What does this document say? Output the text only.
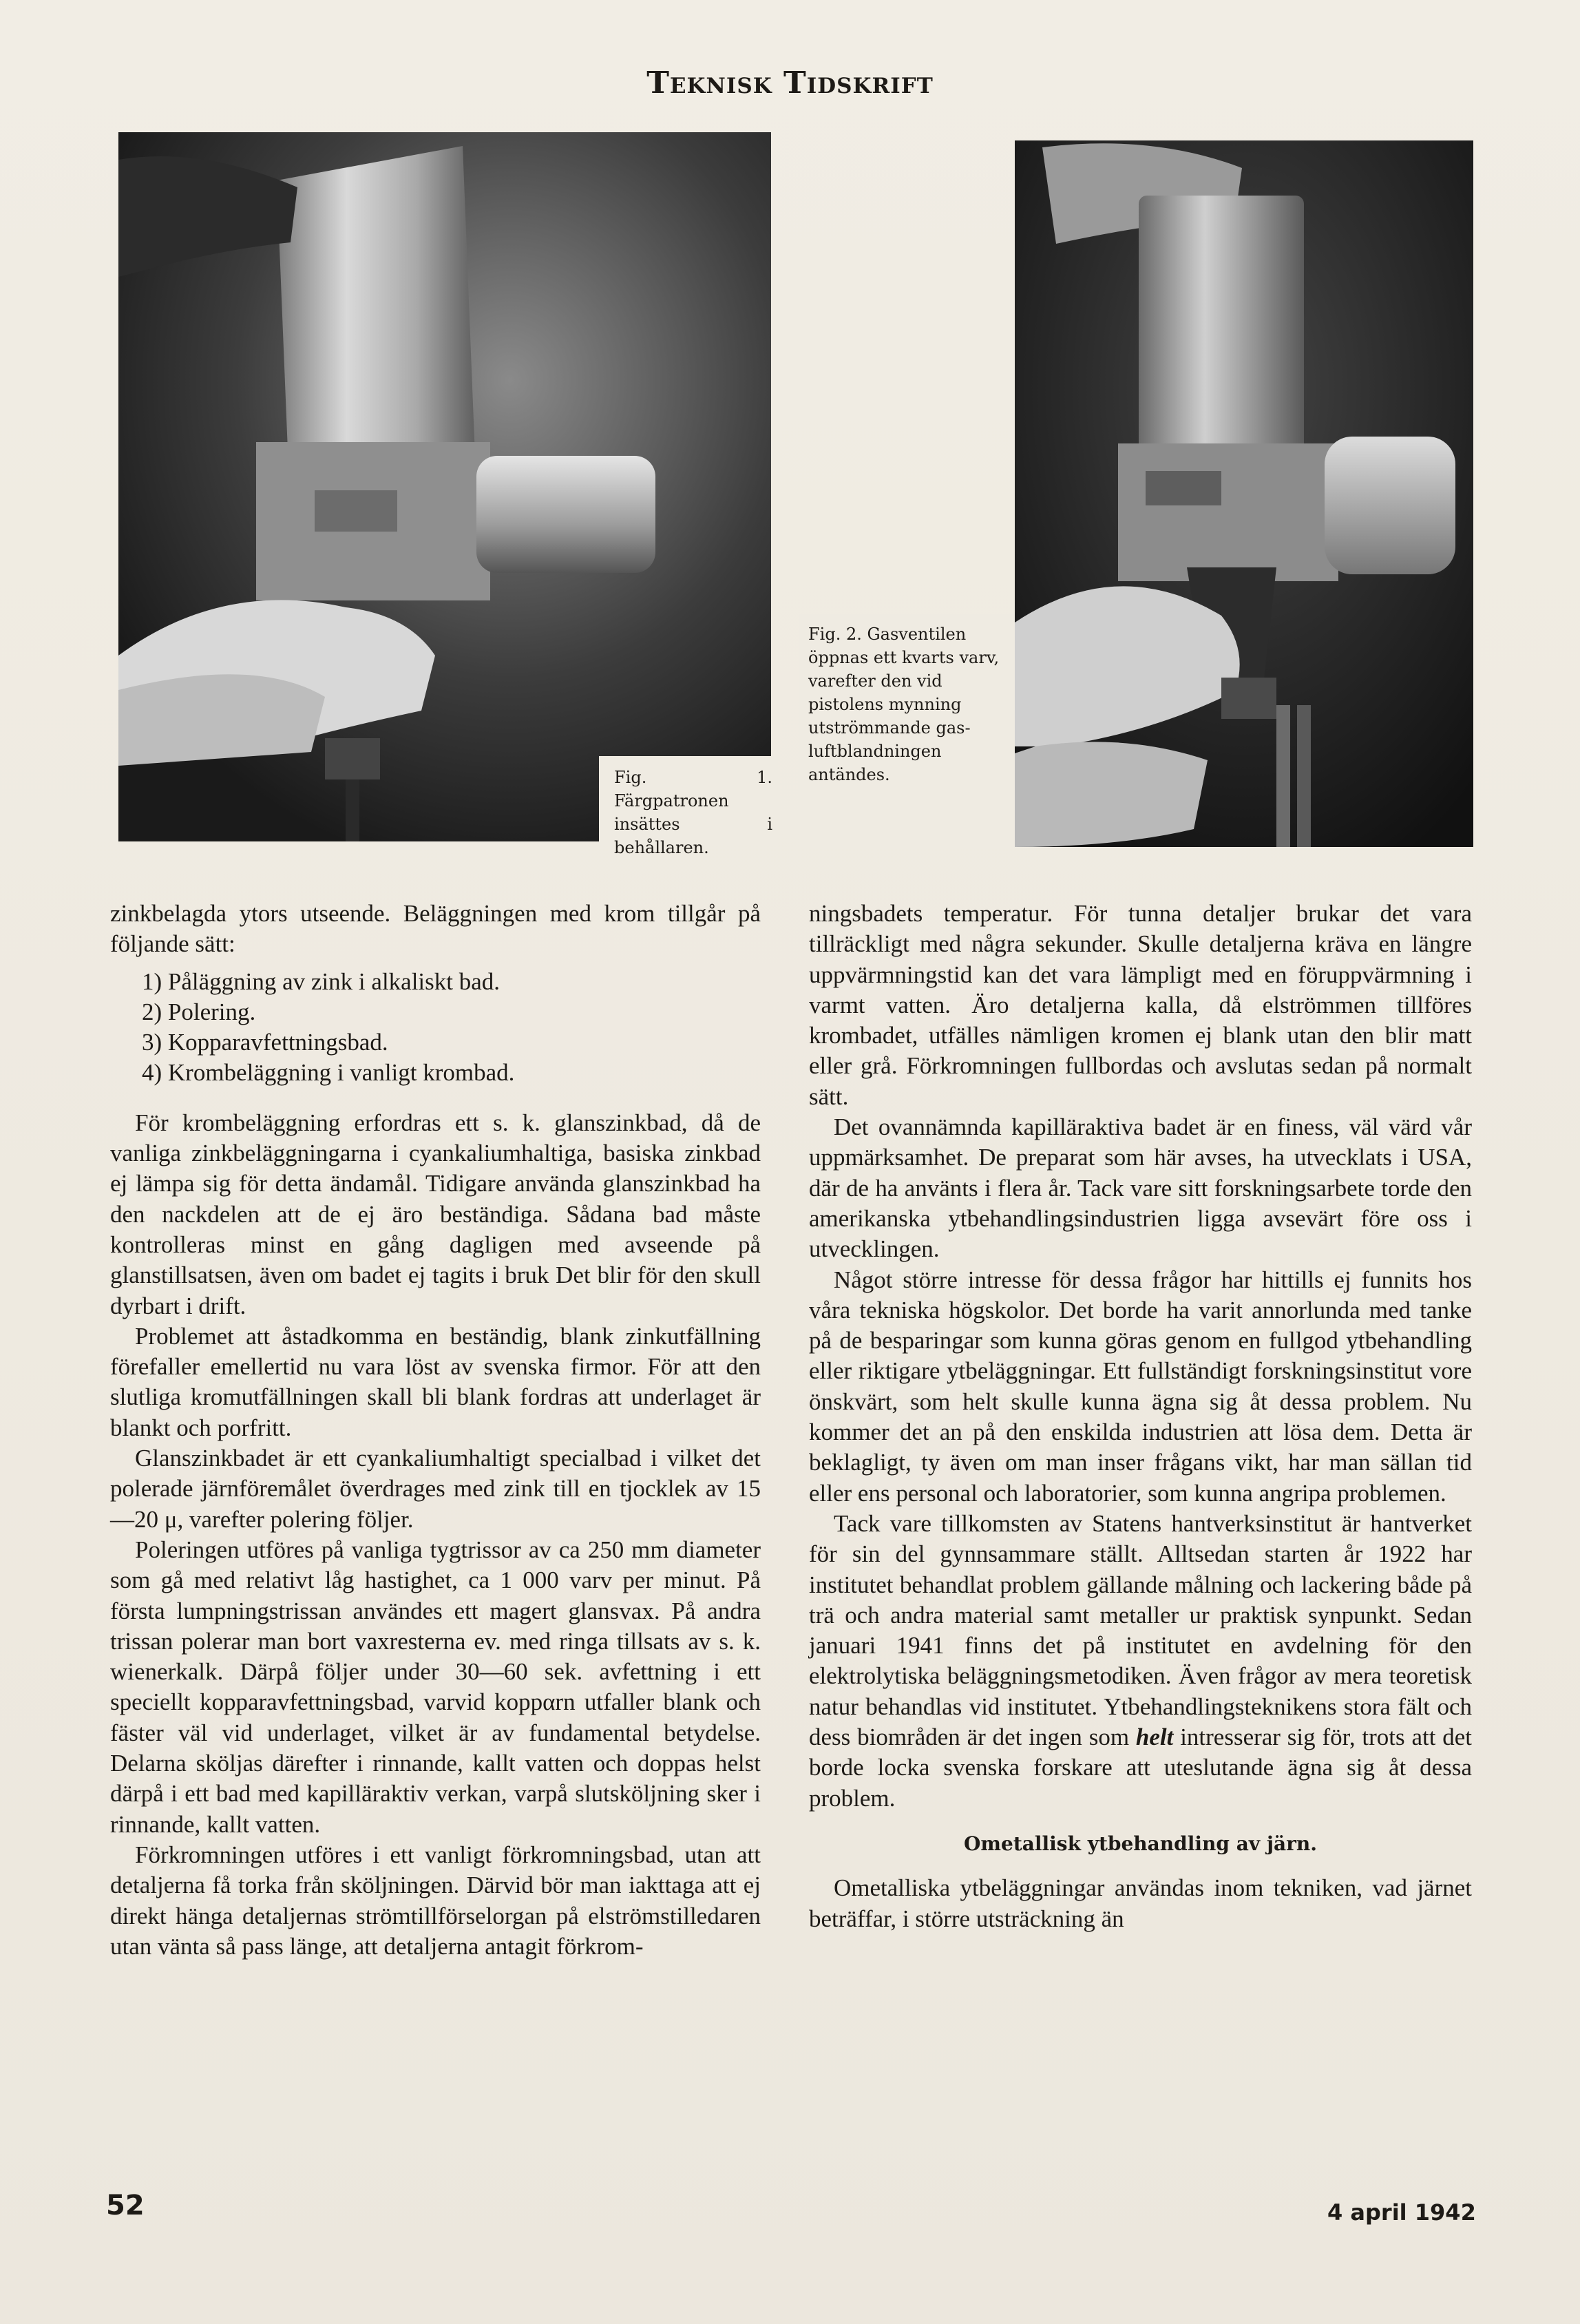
Teknisk Tidskrift
Fig. 1. Färgpatronen insättes i behållaren.
Fig. 2. Gasventilen öppnas ett kvarts varv, varefter den vid pistolens mynning utströmmande gas-luftblandningen antändes.

zinkbelagda ytors utseende. Beläggningen med krom tillgår på följande sätt:

1) Påläggning av zink i alkaliskt bad.
2) Polering.
3) Kopparavfettningsbad.
4) Krombeläggning i vanligt krombad.

För krombeläggning erfordras ett s. k. glanszinkbad, då de vanliga zinkbeläggningarna i cyankaliumhaltiga, basiska zinkbad ej lämpa sig för detta ändamål. Tidigare använda glanszinkbad ha den nackdelen att de ej äro beständiga. Sådana bad måste kontrolleras minst en gång dagligen med avseende på glanstillsatsen, även om badet ej tagits i bruk Det blir för den skull dyrbart i drift.

Problemet att åstadkomma en beständig, blank zinkutfällning förefaller emellertid nu vara löst av svenska firmor. För att den slutliga kromutfällningen skall bli blank fordras att underlaget är blankt och porfritt.

Glanszinkbadet är ett cyankaliumhaltigt specialbad i vilket det polerade järnföremålet överdrages med zink till en tjocklek av 15—20 μ, varefter polering följer.

Poleringen utföres på vanliga tygtrissor av ca 250 mm diameter som gå med relativt låg hastighet, ca 1 000 varv per minut. På första lumpningstrissan användes ett magert glansvax. På andra trissan polerar man bort vaxresterna ev. med ringa tillsats av s. k. wienerkalk. Därpå följer under 30—60 sek. avfettning i ett speciellt kopparavfettningsbad, varvid koppαrn utfaller blank och fäster väl vid underlaget, vilket är av fundamental betydelse. Delarna sköljas därefter i rinnande, kallt vatten och doppas helst därpå i ett bad med kapilläraktiv verkan, varpå slutsköljning sker i rinnande, kallt vatten.

Förkromningen utföres i ett vanligt förkromningsbad, utan att detaljerna få torka från sköljningen. Därvid bör man iakttaga att ej direkt hänga detaljernas strömtillförselorgan på elströmstilledaren utan vänta så pass länge, att detaljerna antagit förkrom-

ningsbadets temperatur. För tunna detaljer brukar det vara tillräckligt med några sekunder. Skulle detaljerna kräva en längre uppvärmningstid kan det vara lämpligt med en föruppvärmning i varmt vatten. Äro detaljerna kalla, då elströmmen tillföres krombadet, utfälles nämligen kromen ej blank utan den blir matt eller grå. Förkromningen fullbordas och avslutas sedan på normalt sätt.

Det ovannämnda kapilläraktiva badet är en finess, väl värd vår uppmärksamhet. De preparat som här avses, ha utvecklats i USA, där de ha använts i flera år. Tack vare sitt forskningsarbete torde den amerikanska ytbehandlingsindustrien ligga avsevärt före oss i utvecklingen.

Något större intresse för dessa frågor har hittills ej funnits hos våra tekniska högskolor. Det borde ha varit annorlunda med tanke på de besparingar som kunna göras genom en fullgod ytbehandling eller riktigare ytbeläggningar. Ett fullständigt forskningsinstitut vore önskvärt, som helt skulle kunna ägna sig åt dessa problem. Nu kommer det an på den enskilda industrien att lösa dem. Detta är beklagligt, ty även om man inser frågans vikt, har man sällan tid eller ens personal och laboratorier, som kunna angripa problemen.

Tack vare tillkomsten av Statens hantverksinstitut är hantverket för sin del gynnsammare ställt. Alltsedan starten år 1922 har institutet behandlat problem gällande målning och lackering både på trä och andra material samt metaller ur praktisk synpunkt. Sedan januari 1941 finns det på institutet en avdelning för den elektrolytiska beläggningsmetodiken. Även frågor av mera teoretisk natur behandlas vid institutet. Ytbehandlingsteknikens stora fält och dess biområden är det ingen som helt intresserar sig för, trots att det borde locka svenska forskare att uteslutande ägna sig åt dessa problem.

Ometallisk ytbehandling av järn.

Ometalliska ytbeläggningar användas inom tekniken, vad järnet beträffar, i större utsträckning än

52	4 april 1942
